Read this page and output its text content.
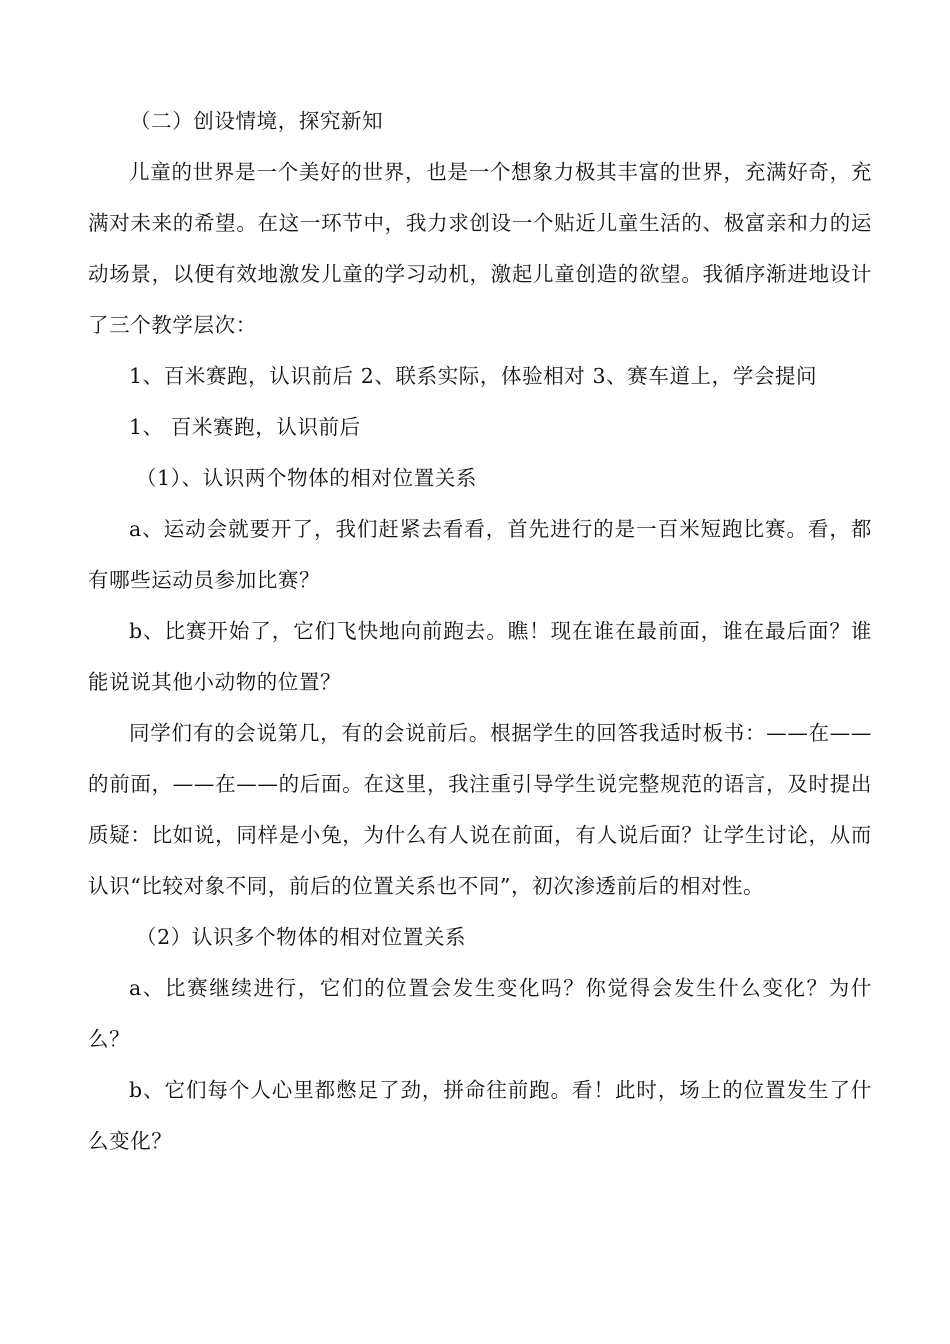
（二）创设情境，探究新知

儿童的世界是一个美好的世界，也是一个想象力极其丰富的世界，充满好奇，充满对未来的希望。在这一环节中，我力求创设一个贴近儿童生活的、极富亲和力的运动场景，以便有效地激发儿童的学习动机，激起儿童创造的欲望。我循序渐进地设计了三个教学层次：

1、百米赛跑，认识前后 2、联系实际，体验相对 3、赛车道上，学会提问

1、 百米赛跑，认识前后

（1）、认识两个物体的相对位置关系

a、运动会就要开了，我们赶紧去看看，首先进行的是一百米短跑比赛。看，都有哪些运动员参加比赛？

b、比赛开始了，它们飞快地向前跑去。瞧！现在谁在最前面，谁在最后面？谁能说说其他小动物的位置？

同学们有的会说第几，有的会说前后。根据学生的回答我适时板书：——在——的前面，——在——的后面。在这里，我注重引导学生说完整规范的语言，及时提出质疑：比如说，同样是小兔，为什么有人说在前面，有人说后面？让学生讨论，从而认识“比较对象不同，前后的位置关系也不同”，初次渗透前后的相对性。

（2）认识多个物体的相对位置关系

a、比赛继续进行，它们的位置会发生变化吗？你觉得会发生什么变化？为什么？

b、它们每个人心里都憋足了劲，拼命往前跑。看！此时，场上的位置发生了什么变化？
